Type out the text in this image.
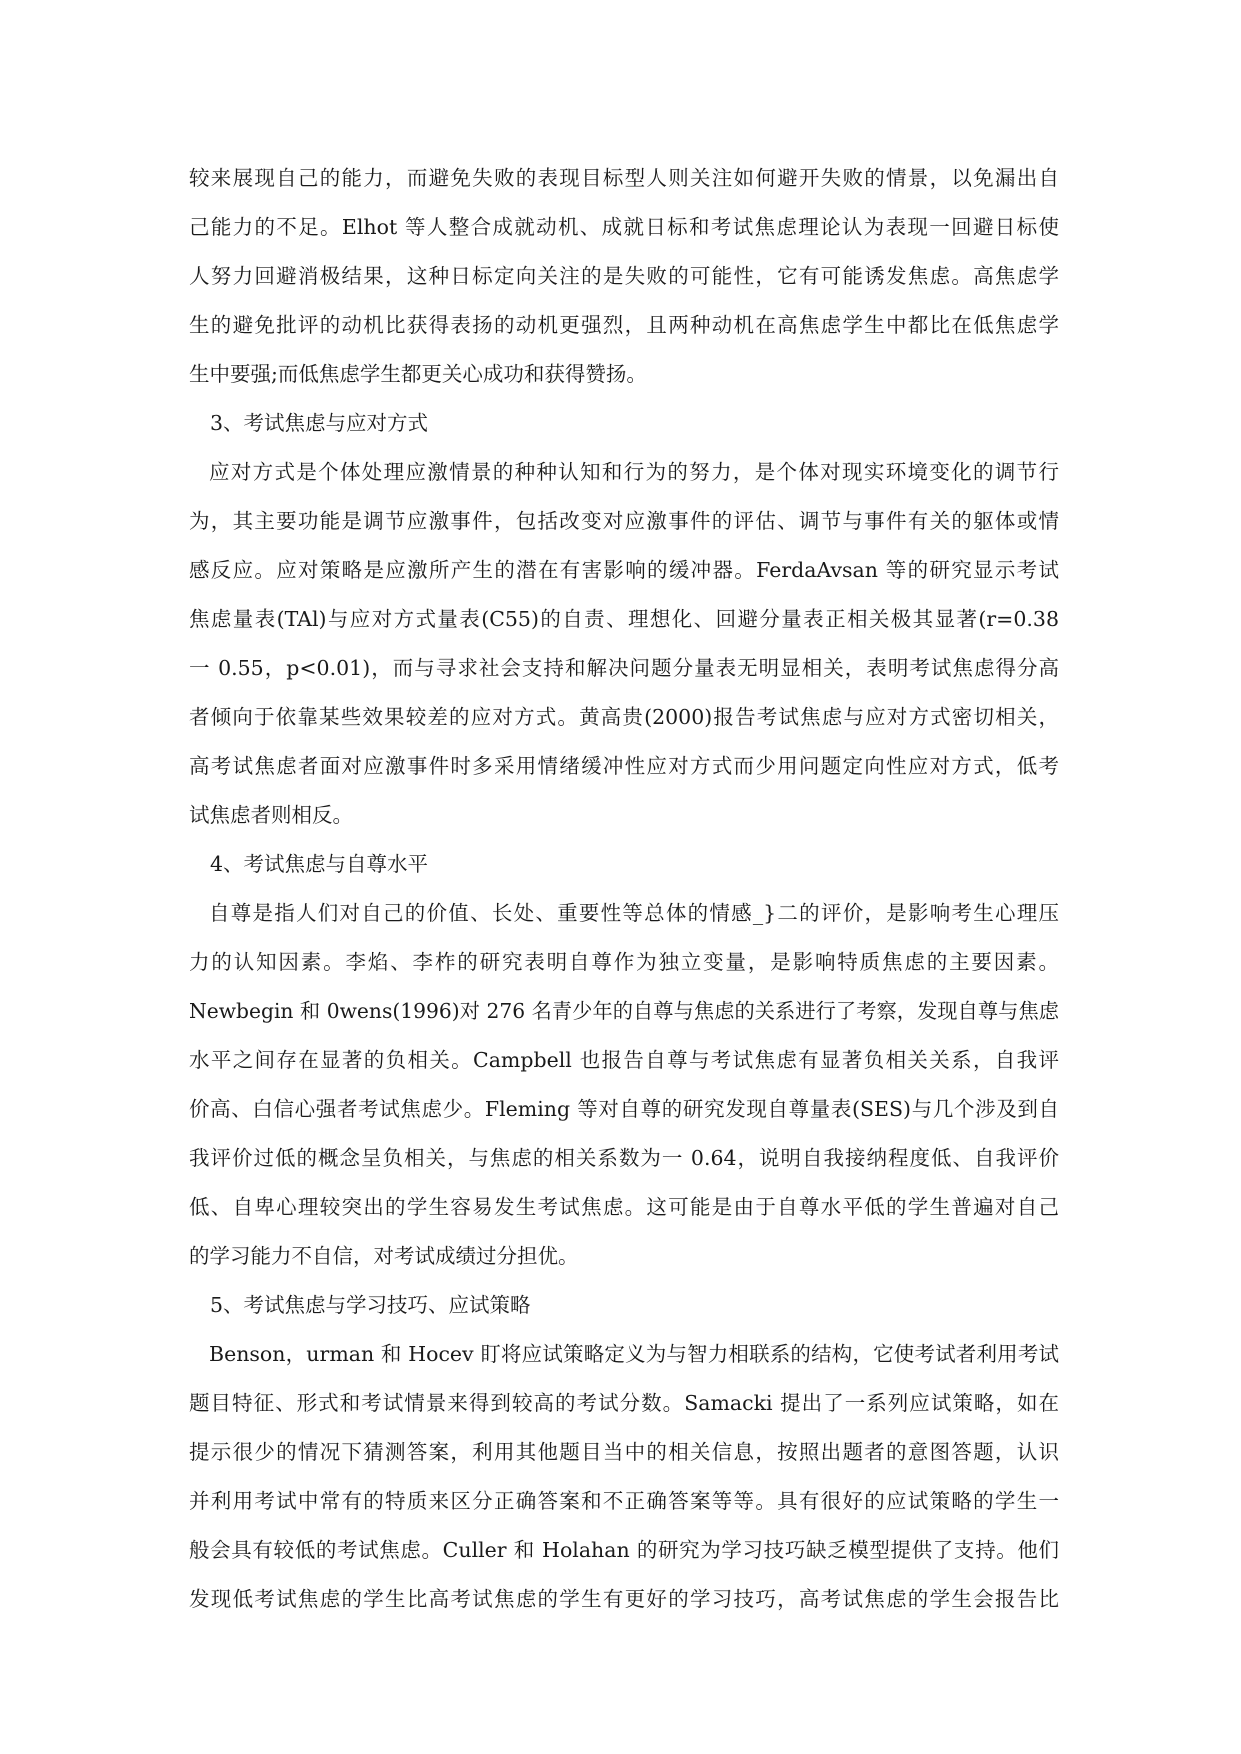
较来展现自己的能力，而避免失败的表现目标型人则关注如何避开失败的情景，以免漏出自
己能力的不足。Elhot 等人整合成就动机、成就日标和考试焦虑理论认为表现一回避日标使
人努力回避消极结果，这种日标定向关注的是失败的可能性，它有可能诱发焦虑。高焦虑学
生的避免批评的动机比获得表扬的动机更强烈，且两种动机在高焦虑学生中都比在低焦虑学
生中要强;而低焦虑学生都更关心成功和获得赞扬。
3、考试焦虑与应对方式
应对方式是个体处理应激情景的种种认知和行为的努力，是个体对现实环境变化的调节行
为，其主要功能是调节应激事件，包括改变对应激事件的评估、调节与事件有关的躯体或情
感反应。应对策略是应激所产生的潜在有害影响的缓冲器。FerdaAvsan 等的研究显示考试
焦虑量表(TAl)与应对方式量表(C55)的自责、理想化、回避分量表正相关极其显著(r=0.38
一 0.55，p<0.01)，而与寻求社会支持和解决问题分量表无明显相关，表明考试焦虑得分高
者倾向于依靠某些效果较差的应对方式。黄高贵(2000)报告考试焦虑与应对方式密切相关，
高考试焦虑者面对应激事件时多采用情绪缓冲性应对方式而少用问题定向性应对方式，低考
试焦虑者则相反。
4、考试焦虑与自尊水平
自尊是指人们对自己的价值、长处、重要性等总体的情感_}二的评价，是影响考生心理压
力的认知因素。李焰、李柞的研究表明自尊作为独立变量，是影响特质焦虑的主要因素。
Newbegin 和 0wens(1996)对 276 名青少年的自尊与焦虑的关系进行了考察，发现自尊与焦虑
水平之间存在显著的负相关。Campbell 也报告自尊与考试焦虑有显著负相关关系，自我评
价高、白信心强者考试焦虑少。Fleming 等对自尊的研究发现自尊量表(SES)与几个涉及到自
我评价过低的概念呈负相关，与焦虑的相关系数为一 0.64，说明自我接纳程度低、自我评价
低、自卑心理较突出的学生容易发生考试焦虑。这可能是由于自尊水平低的学生普遍对自己
的学习能力不自信，对考试成绩过分担优。
5、考试焦虑与学习技巧、应试策略
Benson，urman 和 Hocev 盯将应试策略定义为与智力相联系的结构，它使考试者利用考试
题目特征、形式和考试情景来得到较高的考试分数。Samacki 提出了一系列应试策略，如在
提示很少的情况下猜测答案，利用其他题目当中的相关信息，按照出题者的意图答题，认识
并利用考试中常有的特质来区分正确答案和不正确答案等等。具有很好的应试策略的学生一
般会具有较低的考试焦虑。Culler 和 Holahan 的研究为学习技巧缺乏模型提供了支持。他们
发现低考试焦虑的学生比高考试焦虑的学生有更好的学习技巧，高考试焦虑的学生会报告比
